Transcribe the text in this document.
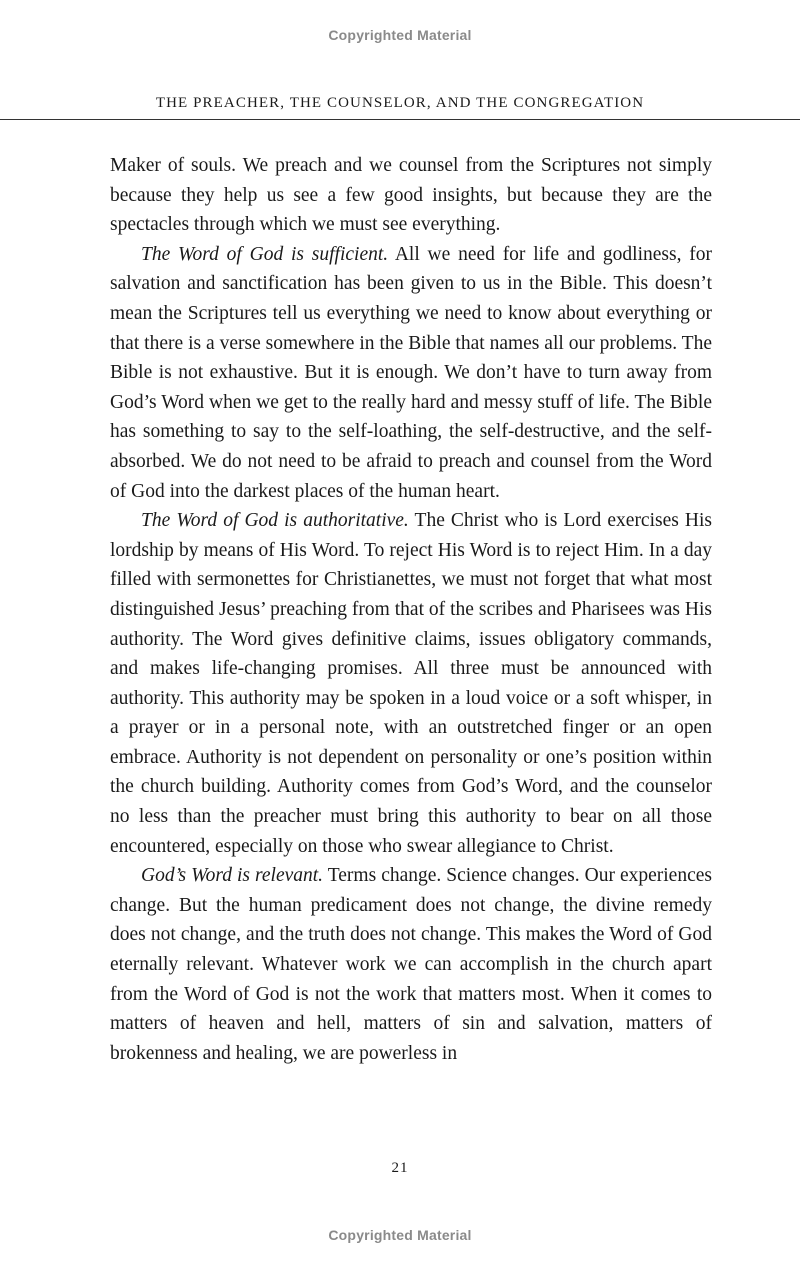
Copyrighted Material
THE PREACHER, THE COUNSELOR, AND THE CONGREGATION

Maker of souls. We preach and we counsel from the Scriptures not simply because they help us see a few good insights, but because they are the spectacles through which we must see everything.

The Word of God is sufficient. All we need for life and godliness, for salvation and sanctification has been given to us in the Bible. This doesn’t mean the Scriptures tell us everything we need to know about everything or that there is a verse somewhere in the Bible that names all our problems. The Bible is not exhaustive. But it is enough. We don’t have to turn away from God’s Word when we get to the really hard and messy stuff of life. The Bible has something to say to the self-loathing, the self-destructive, and the self-absorbed. We do not need to be afraid to preach and counsel from the Word of God into the darkest places of the human heart.

The Word of God is authoritative. The Christ who is Lord exercises His lordship by means of His Word. To reject His Word is to reject Him. In a day filled with sermonettes for Christianettes, we must not forget that what most distinguished Jesus’ preaching from that of the scribes and Pharisees was His authority. The Word gives definitive claims, issues obligatory commands, and makes life-changing promises. All three must be announced with authority. This authority may be spoken in a loud voice or a soft whisper, in a prayer or in a personal note, with an outstretched finger or an open embrace. Authority is not dependent on personality or one’s position within the church building. Authority comes from God’s Word, and the counselor no less than the preacher must bring this authority to bear on all those encountered, especially on those who swear allegiance to Christ.

God’s Word is relevant. Terms change. Science changes. Our experiences change. But the human predicament does not change, the divine remedy does not change, and the truth does not change. This makes the Word of God eternally relevant. Whatever work we can accomplish in the church apart from the Word of God is not the work that matters most. When it comes to matters of heaven and hell, matters of sin and salvation, matters of brokenness and healing, we are powerless in

21
Copyrighted Material
